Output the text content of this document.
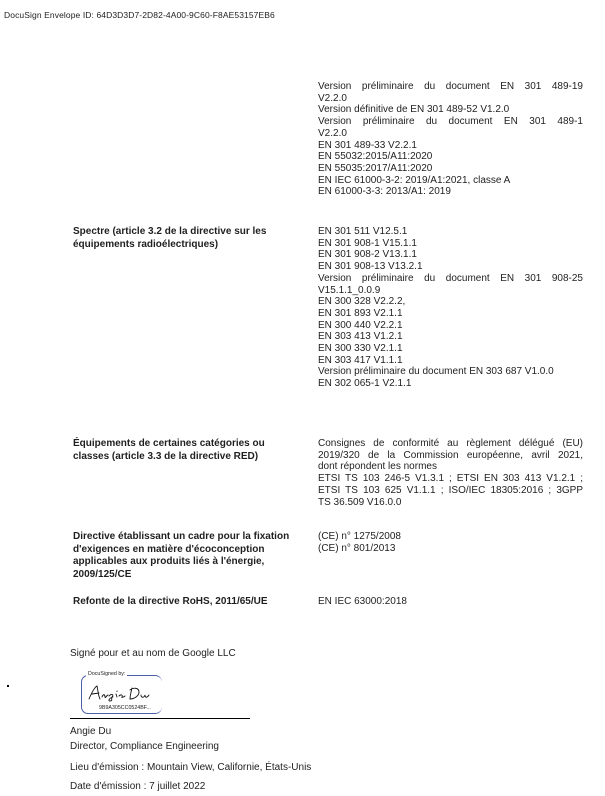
DocuSign Envelope ID: 64D3D3D7-2D82-4A00-9C60-F8AE53157EB6
Version préliminaire du document EN 301 489-19
V2.2.0
Version définitive de EN 301 489-52 V1.2.0
Version préliminaire du document EN 301 489-1
V2.2.0
EN 301 489-33 V2.2.1
EN 55032:2015/A11:2020
EN 55035:2017/A11:2020
EN IEC 61000-3-2: 2019/A1:2021, classe A
EN 61000-3-3: 2013/A1: 2019
Spectre (article 3.2 de la directive sur les équipements radioélectriques)
EN 301 511 V12.5.1
EN 301 908-1 V15.1.1
EN 301 908-2 V13.1.1
EN 301 908-13 V13.2.1
Version préliminaire du document EN 301 908-25
V15.1.1_0.0.9
EN 300 328 V2.2.2,
EN 301 893 V2.1.1
EN 300 440 V2.2.1
EN 303 413 V1.2.1
EN 300 330 V2.1.1
EN 303 417 V1.1.1
Version préliminaire du document EN 303 687 V1.0.0
EN 302 065-1 V2.1.1
Équipements de certaines catégories ou classes (article 3.3 de la directive RED)
Consignes de conformité au règlement délégué (EU)
2019/320 de la Commission européenne, avril 2021,
dont répondent les normes
ETSI TS 103 246-5 V1.3.1 ; ETSI EN 303 413 V1.2.1 ;
ETSI TS 103 625 V1.1.1 ; ISO/IEC 18305:2016 ; 3GPP
TS 36.509 V16.0.0
Directive établissant un cadre pour la fixation d'exigences en matière d'écoconception applicables aux produits liés à l'énergie, 2009/125/CE
(CE) n° 1275/2008
(CE) n° 801/2013
Refonte de la directive RoHS, 2011/65/UE	EN IEC 63000:2018
Signé pour et au nom de Google LLC
DocuSigned by:
9B9A305CC0524BF...
Angie Du
Director, Compliance Engineering
Lieu d'émission : Mountain View, Californie, États-Unis
Date d'émission : 7 juillet 2022
